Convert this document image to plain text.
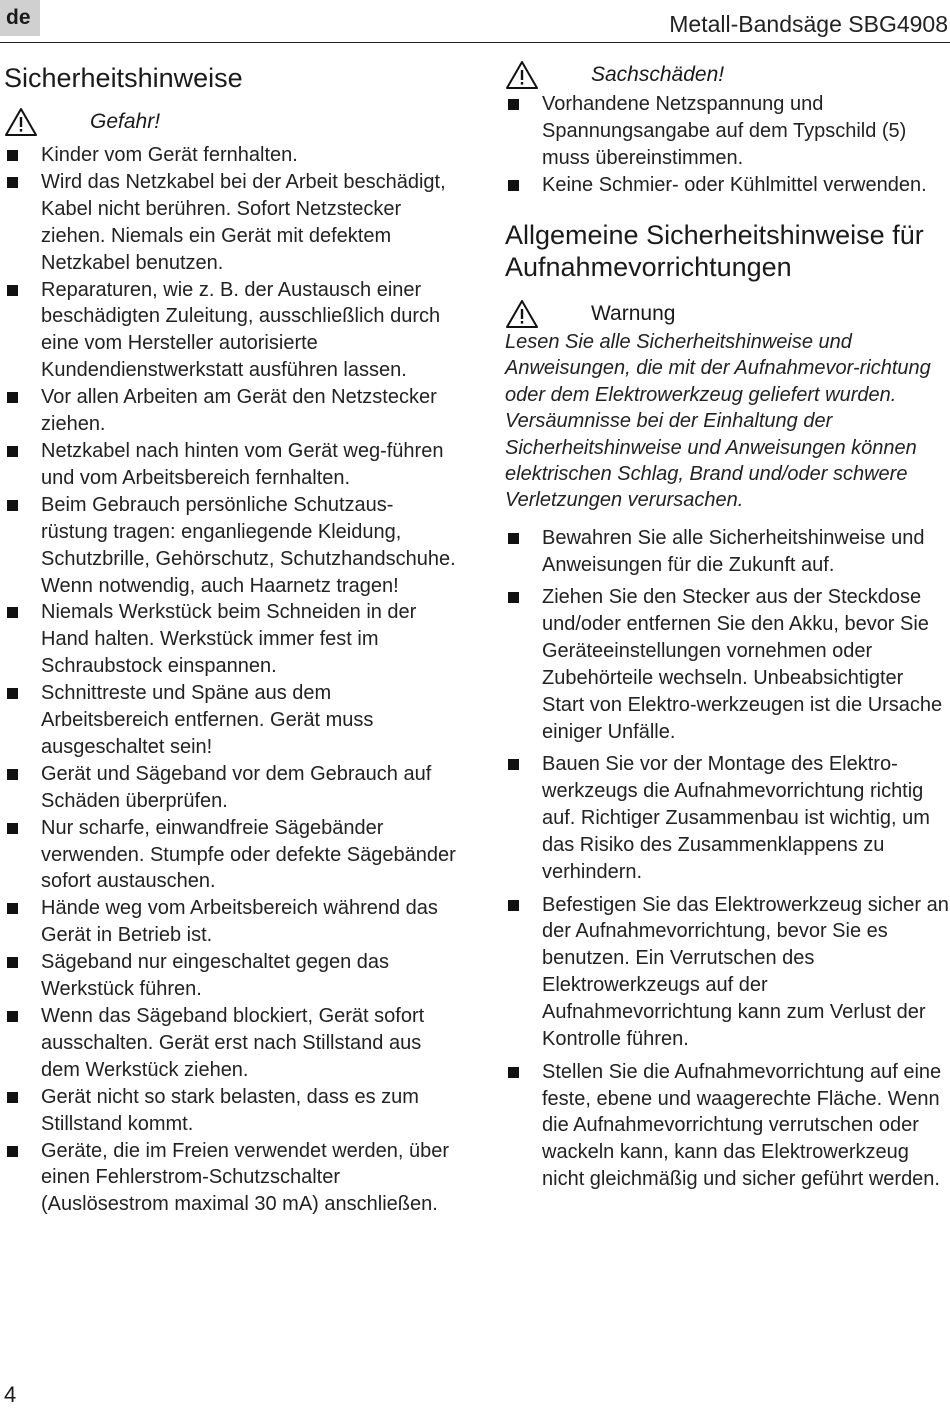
de	Metall-Bandsäge SBG4908
Sicherheitshinweise
Gefahr!
Kinder vom Gerät fernhalten.
Wird das Netzkabel bei der Arbeit beschädigt, Kabel nicht berühren. Sofort Netzstecker ziehen. Niemals ein Gerät mit defektem Netzkabel benutzen.
Reparaturen, wie z. B. der Austausch einer beschädigten Zuleitung, ausschließlich durch eine vom Hersteller autorisierte Kundendienstwerkstatt ausführen lassen.
Vor allen Arbeiten am Gerät den Netzstecker ziehen.
Netzkabel nach hinten vom Gerät weg-führen und vom Arbeitsbereich fernhalten.
Beim Gebrauch persönliche Schutzaus-rüstung tragen: enganliegende Kleidung, Schutzbrille, Gehörschutz, Schutzhandschuhe. Wenn notwendig, auch Haarnetz tragen!
Niemals Werkstück beim Schneiden in der Hand halten. Werkstück immer fest im Schraubstock einspannen.
Schnittreste und Späne aus dem Arbeitsbereich entfernen. Gerät muss ausgeschaltet sein!
Gerät und Sägeband vor dem Gebrauch auf Schäden überprüfen.
Nur scharfe, einwandfreie Sägebänder verwenden. Stumpfe oder defekte Sägebänder sofort austauschen.
Hände weg vom Arbeitsbereich während das Gerät in Betrieb ist.
Sägeband nur eingeschaltet gegen das Werkstück führen.
Wenn das Sägeband blockiert, Gerät sofort ausschalten. Gerät erst nach Stillstand aus dem Werkstück ziehen.
Gerät nicht so stark belasten, dass es zum Stillstand kommt.
Geräte, die im Freien verwendet werden, über einen Fehlerstrom-Schutzschalter (Auslösestrom maximal 30 mA) anschließen.
Sachschäden!
Vorhandene Netzspannung und Spannungsangabe auf dem Typschild (5) muss übereinstimmen.
Keine Schmier- oder Kühlmittel verwenden.
Allgemeine Sicherheitshinweise für Aufnahmevorrichtungen
Warnung

Lesen Sie alle Sicherheitshinweise und Anweisungen, die mit der Aufnahmevor-richtung oder dem Elektrowerkzeug geliefert wurden. Versäumnisse bei der Einhaltung der Sicherheitshinweise und Anweisungen können elektrischen Schlag, Brand und/oder schwere Verletzungen verursachen.

Bewahren Sie alle Sicherheitshinweise und Anweisungen für die Zukunft auf.
Ziehen Sie den Stecker aus der Steckdose und/oder entfernen Sie den Akku, bevor Sie Geräteeinstellungen vornehmen oder Zubehörteile wechseln. Unbeabsichtigter Start von Elektro-werkzeugen ist die Ursache einiger Unfälle.
Bauen Sie vor der Montage des Elektro-werkzeugs die Aufnahmevorrichtung richtig auf. Richtiger Zusammenbau ist wichtig, um das Risiko des Zusammenklappens zu verhindern.
Befestigen Sie das Elektrowerkzeug sicher an der Aufnahmevorrichtung, bevor Sie es benutzen. Ein Verrutschen des Elektrowerkzeugs auf der Aufnahmevorrichtung kann zum Verlust der Kontrolle führen.
Stellen Sie die Aufnahmevorrichtung auf eine feste, ebene und waagerechte Fläche. Wenn die Aufnahmevorrichtung verrutschen oder wackeln kann, kann das Elektrowerkzeug nicht gleichmäßig und sicher geführt werden.
4
